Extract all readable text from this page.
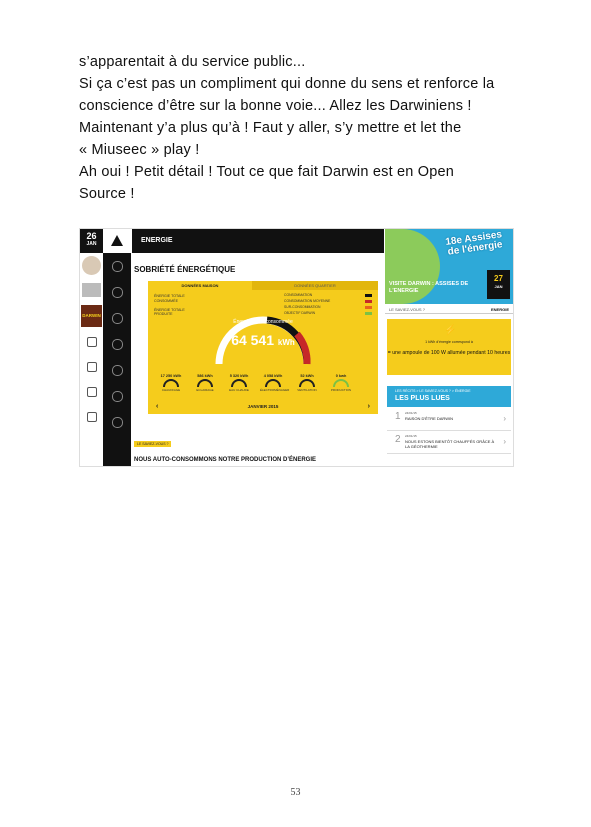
s’apparentait à du service public...

Si ça c’est pas un compliment qui donne du sens et renforce la

conscience d’être sur la bonne voie... Allez les Darwiniens !

Maintenant y’a plus qu’à ! Faut y aller, s’y mettre et let the

« Miuseec » play !

Ah oui ! Petit détail ! Tout ce que fait Darwin est en Open

Source !

26
JAN
DARWIN
ENERGIE
SOBRIÉTÉ ÉNERGÉTIQUE
DONNÉES MAISON	DONNÉES QUARTIER
ÉNERGIE TOTALE
CONSOMMÉE

ÉNERGIE TOTALE
PRODUITE
CONSOMMATION
CONSOMMATION MOYENNE
SUR-CONSOMMATION
OBJECTIF DARWIN
Énergie totale consommée
64 541 kWh
17 250 kWh
CHAUFFAGE
586 kWh
ECLAIRAGE
5 320 kWh
EAU CHAUDE
4 058 kWh
ÉLECTROMÉNAGER
52 kWh
VENTILATION
0 kwh
PRODUCTION
‹	JANVIER 2015	›
LE SAVIEZ-VOUS ?
NOUS AUTO-CONSOMMONS NOTRE PRODUCTION D’ÉNERGIE
18e Assises de l'énergie
27
JAN
VISITE DARWIN : ASSISES DE L'ENERGIE
LE SAVIEZ-VOUS ?	ENERGIE
⚡
1 kWh d'énergie correspond à
= une ampoule de 100 W allumée pendant 10 heures
LES RÉCITS > LE SAVIEZ-VOUS ? > ÉNERGIE
LES PLUS LUES
1 24/01/15
RAISON D'ÊTRE DARWIN	›
2 24/01/15
NOUS ESTONS BIENTÔT CHAUFFÉS GRÂCE À LA GÉOTHERMIE
›
53
